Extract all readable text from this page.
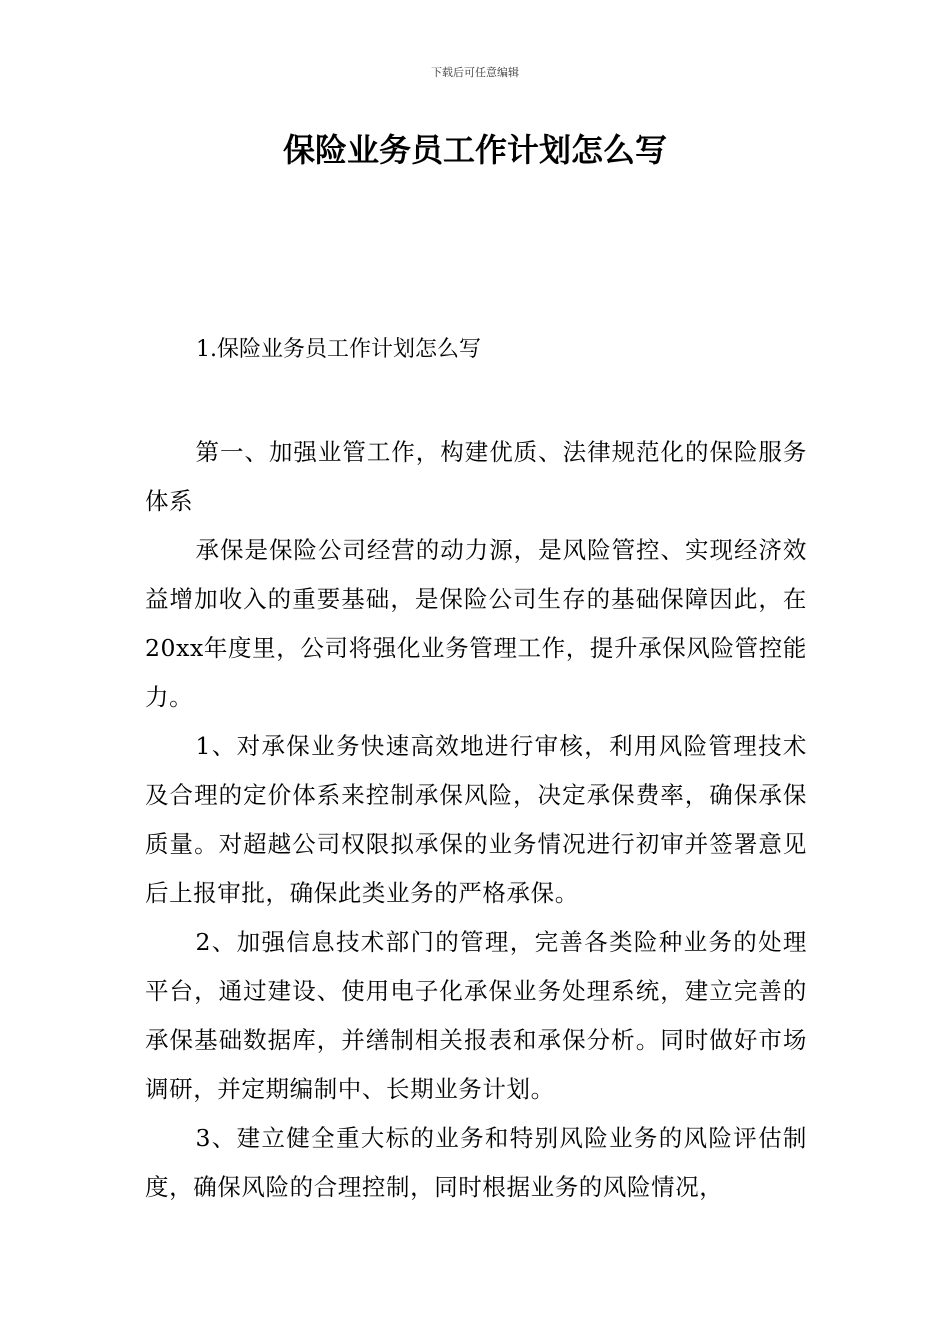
下载后可任意编辑
保险业务员工作计划怎么写
1.保险业务员工作计划怎么写

第一、加强业管工作，构建优质、法律规范化的保险服务体系

承保是保险公司经营的动力源，是风险管控、实现经济效益增加收入的重要基础，是保险公司生存的基础保障因此，在20xx年度里，公司将强化业务管理工作，提升承保风险管控能力。

1、对承保业务快速高效地进行审核，利用风险管理技术及合理的定价体系来控制承保风险，决定承保费率，确保承保质量。对超越公司权限拟承保的业务情况进行初审并签署意见后上报审批，确保此类业务的严格承保。

2、加强信息技术部门的管理，完善各类险种业务的处理平台，通过建设、使用电子化承保业务处理系统，建立完善的承保基础数据库，并缮制相关报表和承保分析。同时做好市场调研，并定期编制中、长期业务计划。

3、建立健全重大标的业务和特别风险业务的风险评估制度，确保风险的合理控制，同时根据业务的风险情况，
